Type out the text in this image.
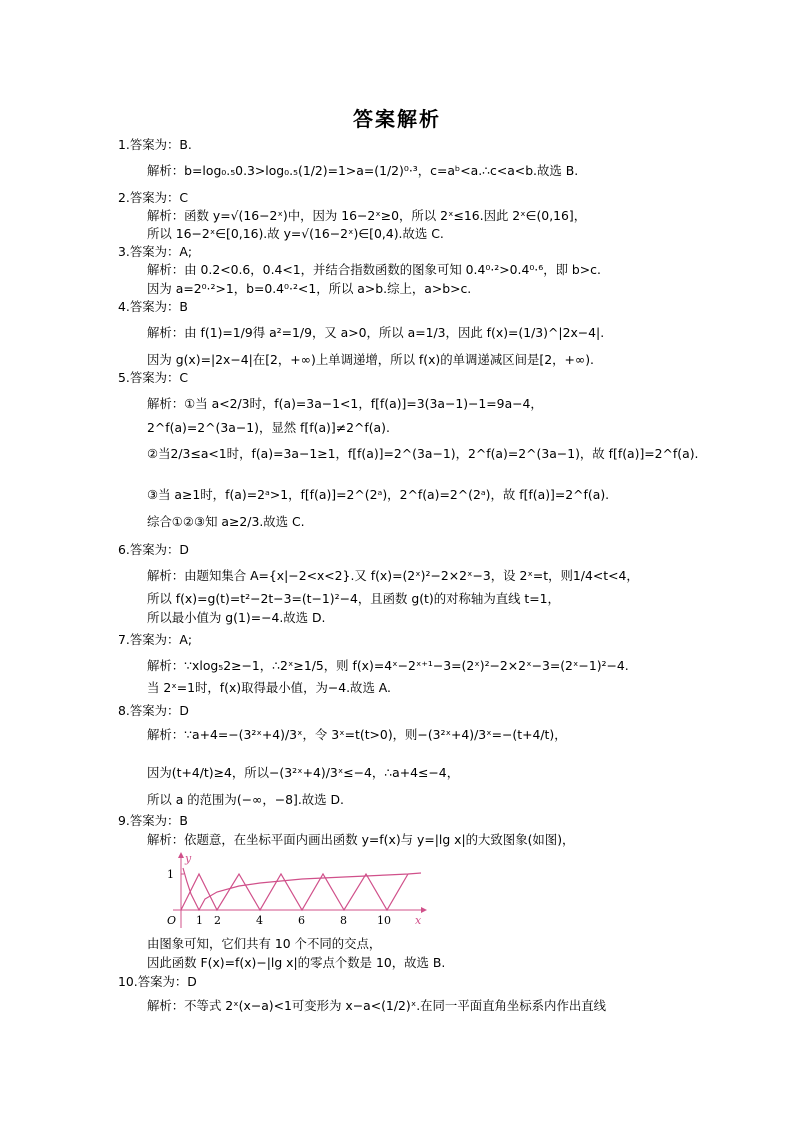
答案解析
1.答案为：B.
解析：b=log₀.₅0.3>log₀.₅(1/2)=1>a=(1/2)⁰·³，c=aᵇ<a.∴c<a<b.故选 B.
2.答案为：C
解析：函数 y=√(16−2ˣ)中，因为 16−2ˣ≥0，所以 2ˣ≤16.因此 2ˣ∈(0,16]，
所以 16−2ˣ∈[0,16).故 y=√(16−2ˣ)∈[0,4).故选 C.
3.答案为：A;
解析：由 0.2<0.6，0.4<1，并结合指数函数的图象可知 0.4⁰·²>0.4⁰·⁶，即 b>c.
因为 a=2⁰·²>1，b=0.4⁰·²<1，所以 a>b.综上，a>b>c.
4.答案为：B
解析：由 f(1)=1/9得 a²=1/9，又 a>0，所以 a=1/3，因此 f(x)=(1/3)^|2x−4|.
因为 g(x)=|2x−4|在[2，+∞)上单调递增，所以 f(x)的单调递减区间是[2，+∞).
5.答案为：C
解析：①当 a<2/3时，f(a)=3a−1<1，f[f(a)]=3(3a−1)−1=9a−4，
2^f(a)=2^(3a−1)，显然 f[f(a)]≠2^f(a).
②当2/3≤a<1时，f(a)=3a−1≥1，f[f(a)]=2^(3a−1)，2^f(a)=2^(3a−1)，故 f[f(a)]=2^f(a).
③当 a≥1时，f(a)=2ᵃ>1，f[f(a)]=2^(2ᵃ)，2^f(a)=2^(2ᵃ)，故 f[f(a)]=2^f(a).
综合①②③知 a≥2/3.故选 C.
6.答案为：D
解析：由题知集合 A={x|−2<x<2}.又 f(x)=(2ˣ)²−2×2ˣ−3，设 2ˣ=t，则1/4<t<4，
所以 f(x)=g(t)=t²−2t−3=(t−1)²−4，且函数 g(t)的对称轴为直线 t=1，
所以最小值为 g(1)=−4.故选 D.
7.答案为：A;
解析：∵xlog₅2≥−1，∴2ˣ≥1/5，则 f(x)=4ˣ−2ˣ⁺¹−3=(2ˣ)²−2×2ˣ−3=(2ˣ−1)²−4.
当 2ˣ=1时，f(x)取得最小值，为−4.故选 A.
8.答案为：D
解析：∵a+4=−(3²ˣ+4)/3ˣ，令 3ˣ=t(t>0)，则−(3²ˣ+4)/3ˣ=−(t+4/t)，
因为(t+4/t)≥4，所以−(3²ˣ+4)/3ˣ≤−4，∴a+4≤−4，
所以 a 的范围为(−∞，−8].故选 D.
9.答案为：B
解析：依题意，在坐标平面内画出函数 y=f(x)与 y=|lg x|的大致图象(如图)，
由图象可知，它们共有 10 个不同的交点，
因此函数 F(x)=f(x)−|lg x|的零点个数是 10，故选 B.
10.答案为：D
解析：不等式 2ˣ(x−a)<1可变形为 x−a<(1/2)ˣ.在同一平面直角坐标系内作出直线
y
1
O 1 2	4	6	8	10 x
